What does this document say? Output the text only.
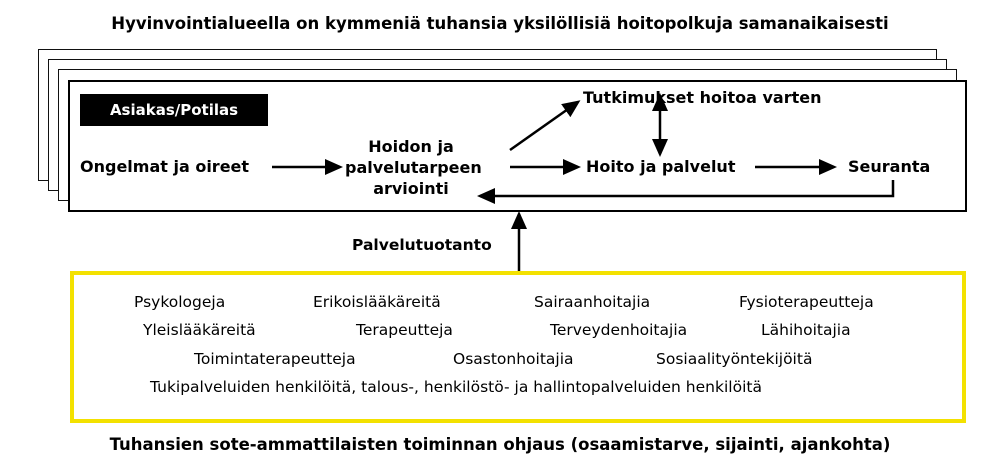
Hyvinvointialueella on kymmeniä tuhansia yksilöllisiä hoitopolkuja samanaikaisesti
Asiakas/Potilas
Ongelmat ja oireet
Hoidon ja
palvelutarpeen
arviointi
Tutkimukset hoitoa varten
Hoito ja palvelut	Seuranta
Palvelutuotanto
Psykologeja	Erikoislääkäreitä	Sairaanhoitajia	Fysioterapeutteja
Yleislääkäreitä	Terapeutteja	Terveydenhoitajia	Lähihoitajia
Toimintaterapeutteja	Osastonhoitajia	Sosiaalityöntekijöitä
Tukipalveluiden henkilöitä, talous-, henkilöstö- ja hallintopalveluiden henkilöitä
Tuhansien sote-ammattilaisten toiminnan ohjaus (osaamistarve, sijainti, ajankohta)
